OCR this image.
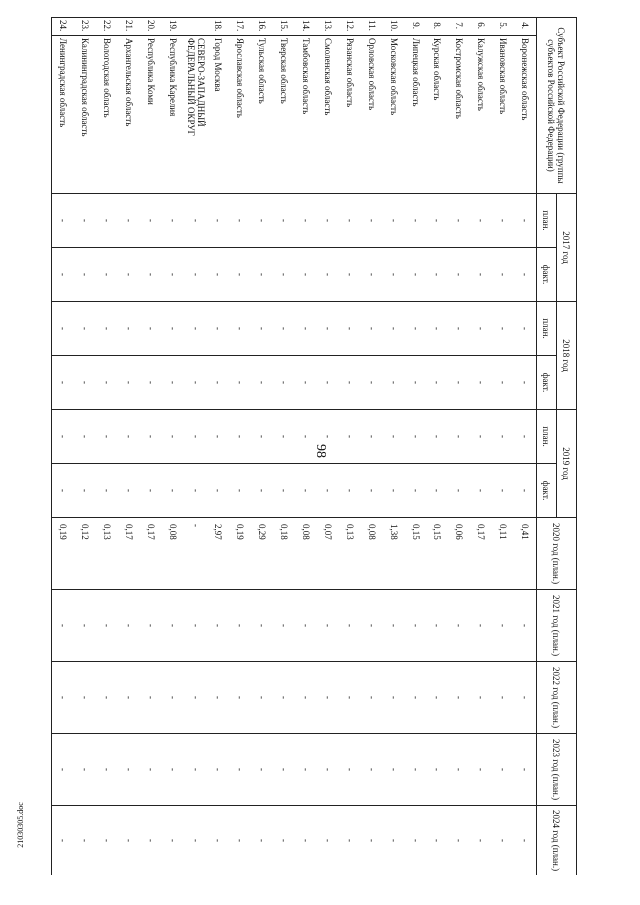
98
21030305.doc
Субъект Российской Федерации (группы субъектов Российской Федерации)		2017 год		2018 год		2019 год		2020 год (план.)	2021 год (план.)	2022 год (план.)	2023 год (план.)	2024 год (план.)
		план.	факт.	план.	факт.	план.	факт.					
4.	Воронежская область	-	-	-	-	-	-	0,41	-	-	-	-
5.	Ивановская область	-	-	-	-	-	-	0,11	-	-	-	-
6.	Калужская область	-	-	-	-	-	-	0,17	-	-	-	-
7.	Костромская область	-	-	-	-	-	-	0,06	-	-	-	-
8.	Курская область	-	-	-	-	-	-	0,15	-	-	-	-
9.	Липецкая область	-	-	-	-	-	-	0,15	-	-	-	-
10.	Московская область	-	-	-	-	-	-	1,38	-	-	-	-
11.	Орловская область	-	-	-	-	-	-	0,08	-	-	-	-
12.	Рязанская область	-	-	-	-	-	-	0,13	-	-	-	-
13.	Смоленская область	-	-	-	-	-	-	0,07	-	-	-	-
14.	Тамбовская область	-	-	-	-	-	-	0,08	-	-	-	-
15.	Тверская область	-	-	-	-	-	-	0,18	-	-	-	-
16.	Тульская область	-	-	-	-	-	-	0,29	-	-	-	-
17.	Ярославская область	-	-	-	-	-	-	0,19	-	-	-	-
18.	Город Москва	-	-	-	-	-	-	2,97	-	-	-	-
	СЕВЕРО-ЗАПАДНЫЙ ФЕДЕРАЛЬНЫЙ ОКРУГ	-	-	-	-	-	-	-	-	-	-	-
19.	Республика Карелия	-	-	-	-	-	-	0,08	-	-	-	-
20.	Республика Коми	-	-	-	-	-	-	0,17	-	-	-	-
21.	Архангельская область	-	-	-	-	-	-	0,17	-	-	-	-
22.	Вологодская область	-	-	-	-	-	-	0,13	-	-	-	-
23.	Калининградская область	-	-	-	-	-	-	0,12	-	-	-	-
24.	Ленинградская область	-	-	-	-	-	-	0,19	-	-	-	-
